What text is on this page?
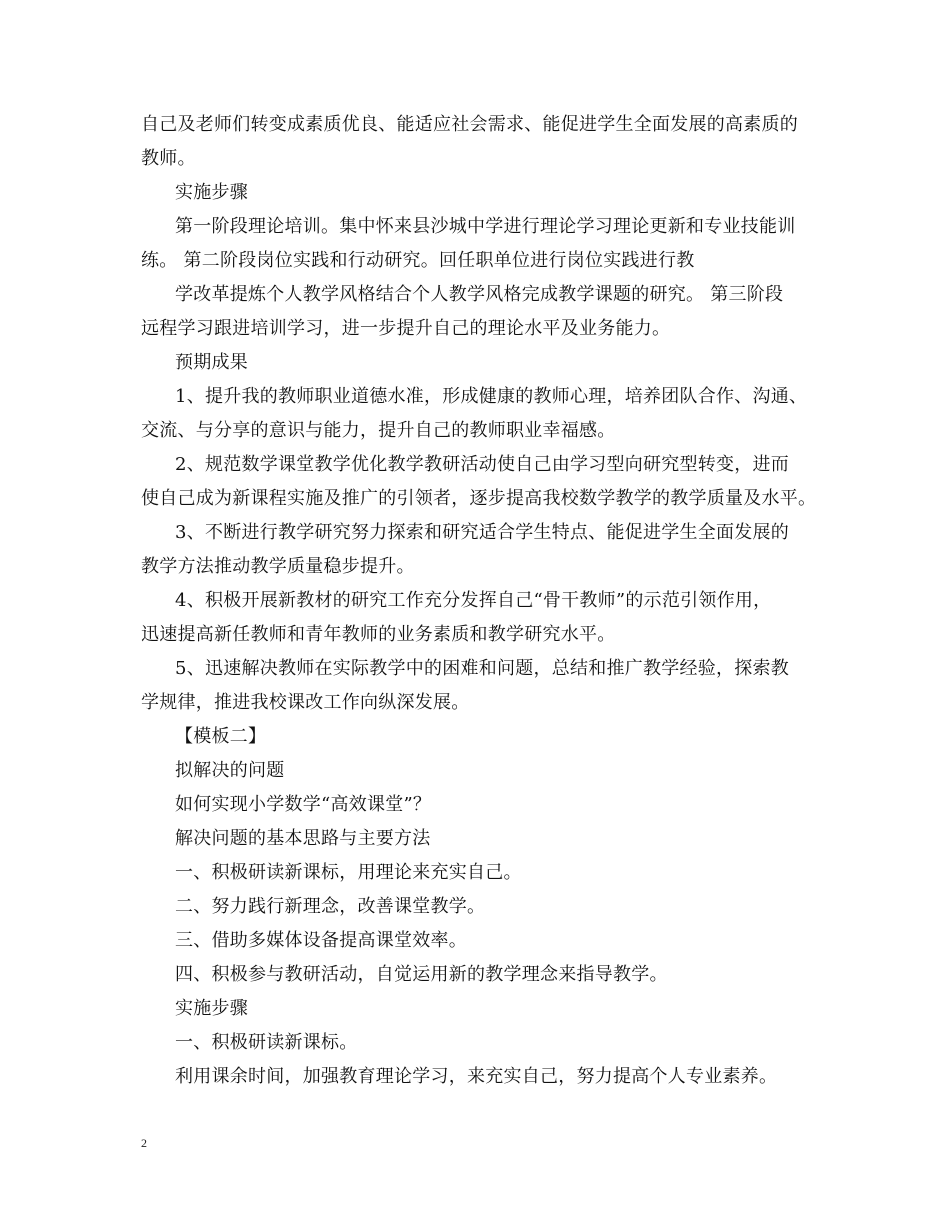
自己及老师们转变成素质优良、能适应社会需求、能促进学生全面发展的高素质的
教师。
实施步骤
第一阶段理论培训。集中怀来县沙城中学进行理论学习理论更新和专业技能训
练。 第二阶段岗位实践和行动研究。回任职单位进行岗位实践进行教
学改革提炼个人教学风格结合个人教学风格完成教学课题的研究。 第三阶段
远程学习跟进培训学习，进一步提升自己的理论水平及业务能力。
预期成果
1、提升我的教师职业道德水准，形成健康的教师心理，培养团队合作、沟通、
交流、与分享的意识与能力，提升自己的教师职业幸福感。
2、规范数学课堂教学优化教学教研活动使自己由学习型向研究型转变，进而
使自己成为新课程实施及推广的引领者，逐步提高我校数学教学的教学质量及水平。
3、不断进行教学研究努力探索和研究适合学生特点、能促进学生全面发展的
教学方法推动教学质量稳步提升。
4、积极开展新教材的研究工作充分发挥自己“骨干教师”的示范引领作用，
迅速提高新任教师和青年教师的业务素质和教学研究水平。
5、迅速解决教师在实际教学中的困难和问题，总结和推广教学经验，探索教
学规律，推进我校课改工作向纵深发展。
【模板二】
拟解决的问题
如何实现小学数学“高效课堂”？
解决问题的基本思路与主要方法
一、积极研读新课标，用理论来充实自己。
二、努力践行新理念，改善课堂教学。
三、借助多媒体设备提高课堂效率。
四、积极参与教研活动，自觉运用新的教学理念来指导教学。
实施步骤
一、积极研读新课标。
利用课余时间，加强教育理论学习，来充实自己，努力提高个人专业素养。
2
